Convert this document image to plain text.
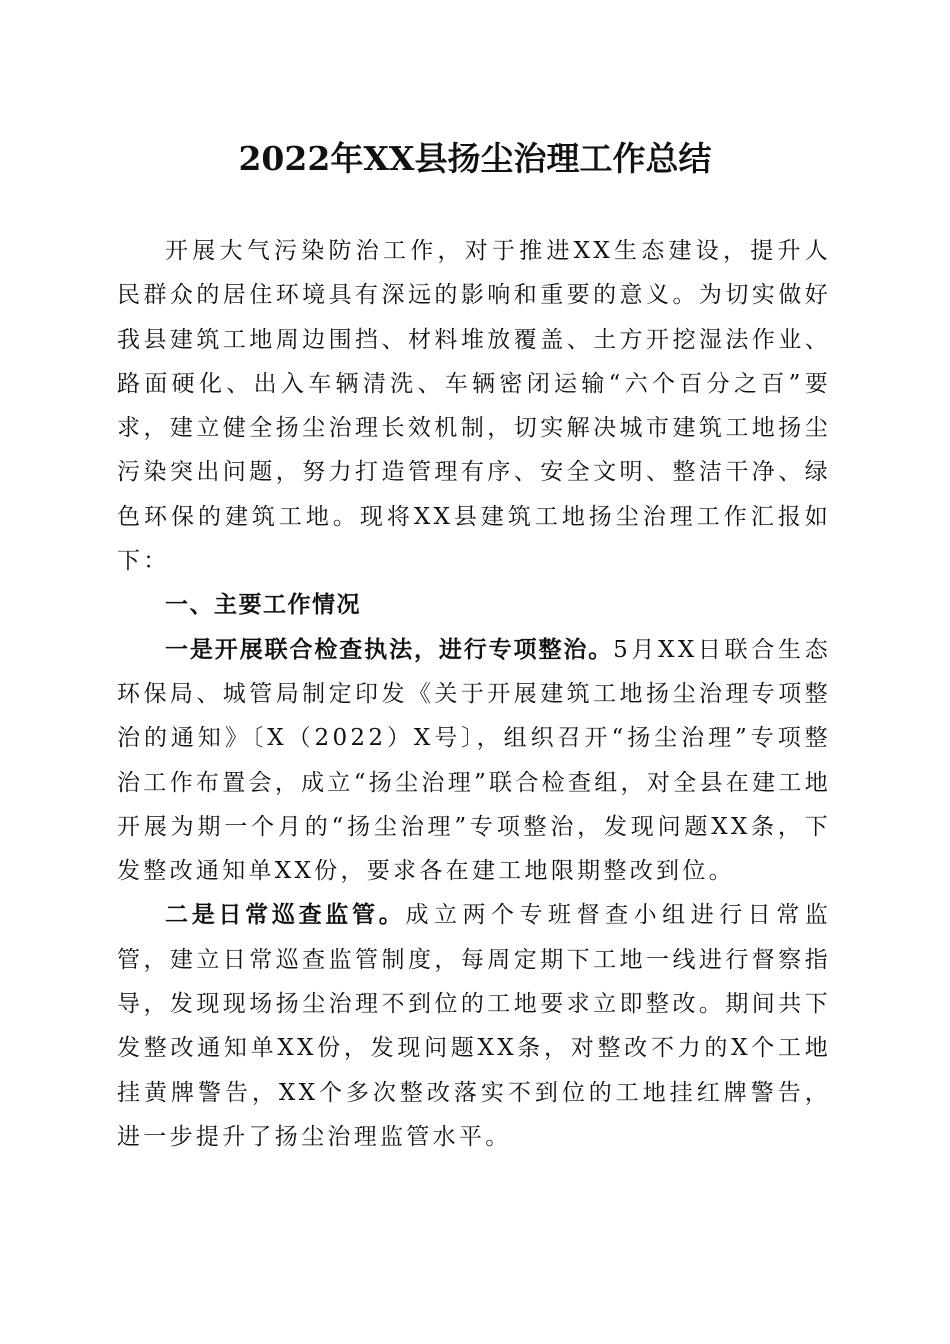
2022年XX县扬尘治理工作总结

开展大气污染防治工作，对于推进XX生态建设，提升人民群众的居住环境具有深远的影响和重要的意义。为切实做好我县建筑工地周边围挡、材料堆放覆盖、土方开挖湿法作业、路面硬化、出入车辆清洗、车辆密闭运输“六个百分之百”要求，建立健全扬尘治理长效机制，切实解决城市建筑工地扬尘污染突出问题，努力打造管理有序、安全文明、整洁干净、绿色环保的建筑工地。现将XX县建筑工地扬尘治理工作汇报如下：

一、主要工作情况

一是开展联合检查执法，进行专项整治。5月XX日联合生态环保局、城管局制定印发《关于开展建筑工地扬尘治理专项整治的通知》〔X（2022）X号〕，组织召开“扬尘治理”专项整治工作布置会，成立“扬尘治理”联合检查组，对全县在建工地开展为期一个月的“扬尘治理”专项整治，发现问题XX条，下发整改通知单XX份，要求各在建工地限期整改到位。

二是日常巡查监管。成立两个专班督查小组进行日常监管，建立日常巡查监管制度，每周定期下工地一线进行督察指导，发现现场扬尘治理不到位的工地要求立即整改。期间共下发整改通知单XX份，发现问题XX条，对整改不力的X个工地挂黄牌警告，XX个多次整改落实不到位的工地挂红牌警告，进一步提升了扬尘治理监管水平。
